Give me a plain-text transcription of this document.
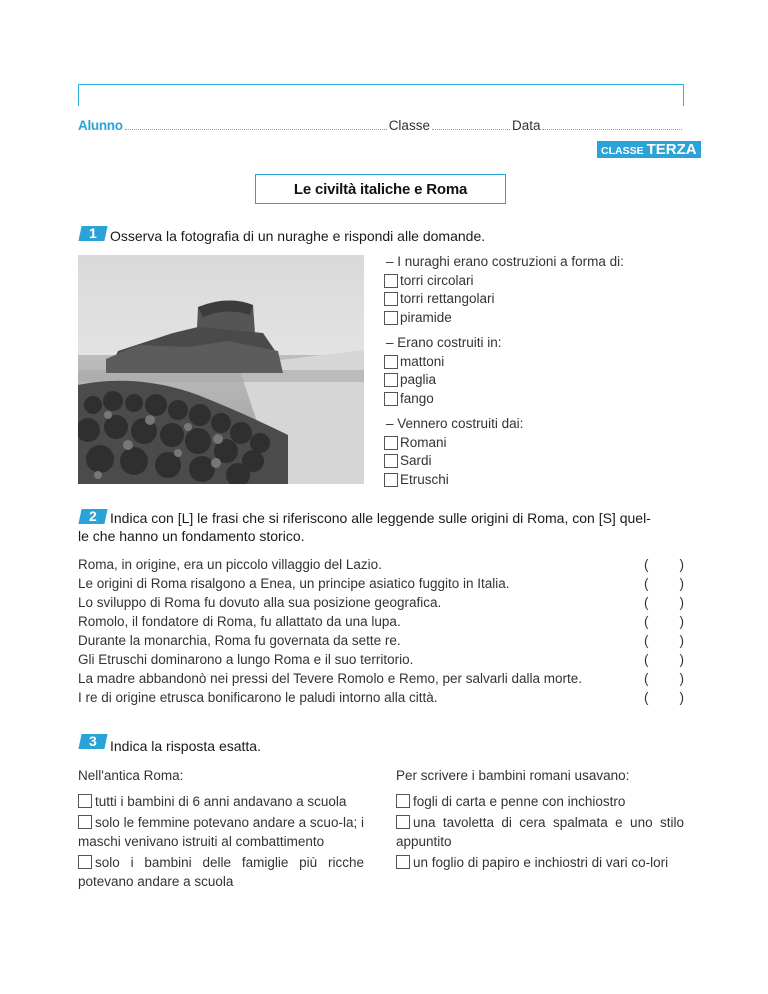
Alunno	Classe	Data
CLASSE TERZA
Le civiltà italiche e Roma
1 Osserva la fotografia di un nuraghe e rispondi alle domande.
– I nuraghi erano costruzioni a forma di:
torri circolari
torri rettangolari
piramide
– Erano costruiti in:
mattoni
paglia
fango
– Vennero costruiti dai:
Romani
Sardi
Etruschi
2 Indica con [L] le frasi che si riferiscono alle leggende sulle origini di Roma, con [S] quel-
le che hanno un fondamento storico.
Roma, in origine, era un piccolo villaggio del Lazio.	( )
Le origini di Roma risalgono a Enea, un principe asiatico fuggito in Italia.	( )
Lo sviluppo di Roma fu dovuto alla sua posizione geografica.	( )
Romolo, il fondatore di Roma, fu allattato da una lupa.	( )
Durante la monarchia, Roma fu governata da sette re.	( )
Gli Etruschi dominarono a lungo Roma e il suo territorio.	( )
La madre abbandonò nei pressi del Tevere Romolo e Remo, per salvarli dalla morte.	( )
I re di origine etrusca bonificarono le paludi intorno alla città.	( )
3 Indica la risposta esatta.
Nell'antica Roma:
tutti i bambini di 6 anni andavano a scuola
solo le femmine potevano andare a scuo-la; i maschi venivano istruiti al combattimento
solo i bambini delle famiglie più ricche potevano andare a scuola
Per scrivere i bambini romani usavano:
fogli di carta e penne con inchiostro
una tavoletta di cera spalmata e uno stilo appuntito
un foglio di papiro e inchiostri di vari co-lori
